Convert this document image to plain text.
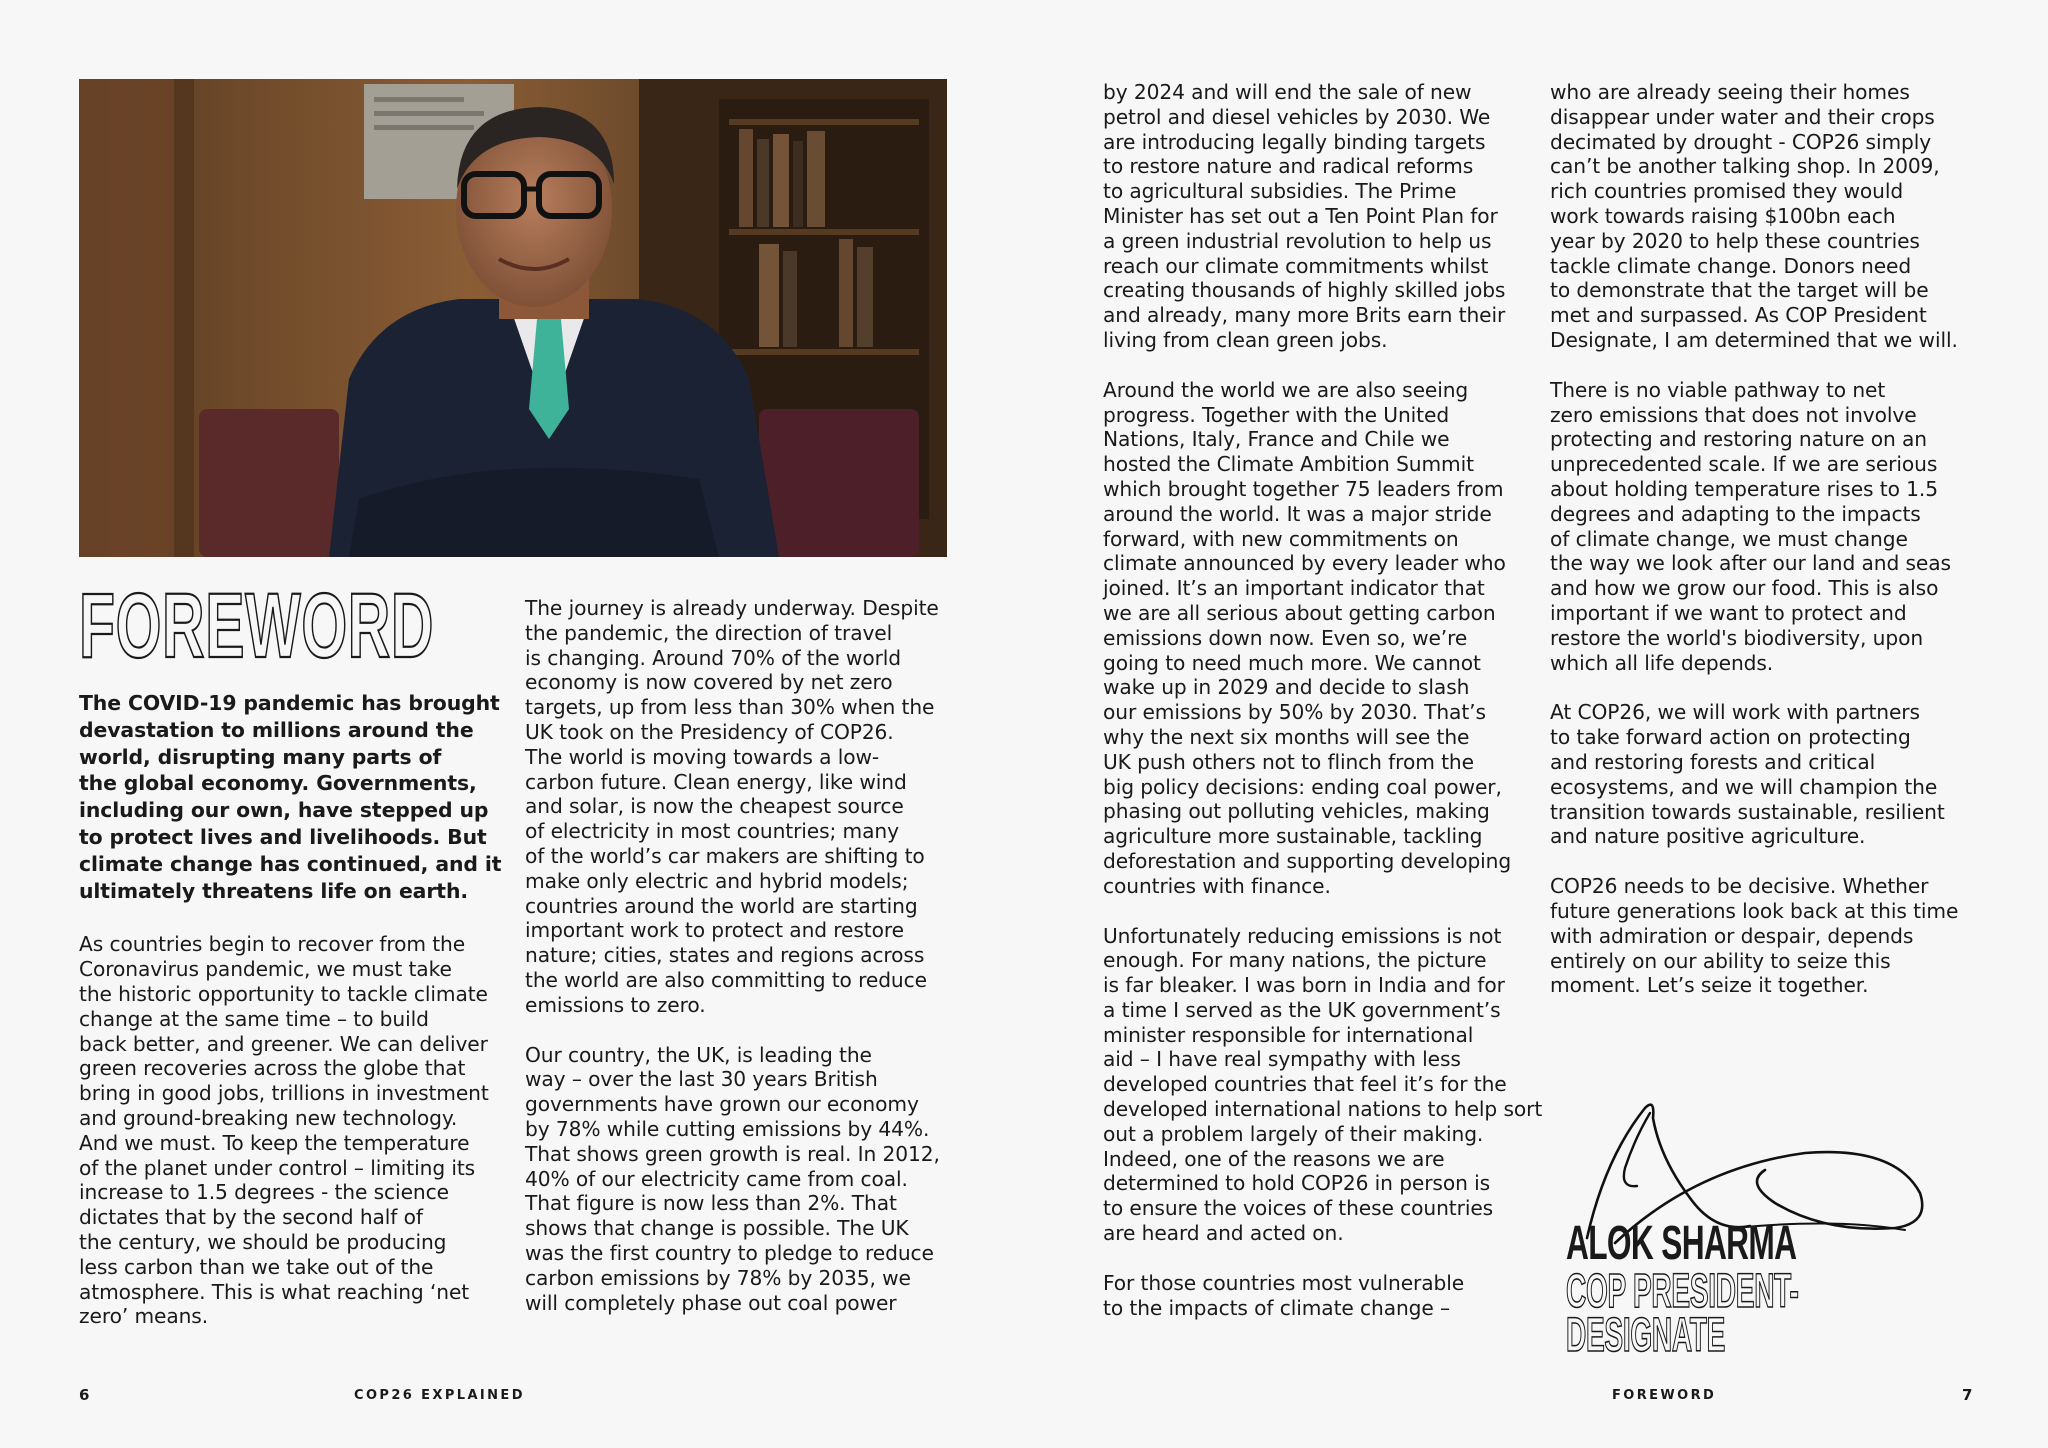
FOREWORD

The COVID-19 pandemic has brought
devastation to millions around the
world, disrupting many parts of
the global economy. Governments,
including our own, have stepped up
to protect lives and livelihoods. But
climate change has continued, and it
ultimately threatens life on earth.

As countries begin to recover from the
Coronavirus pandemic, we must take
the historic opportunity to tackle climate
change at the same time – to build
back better, and greener. We can deliver
green recoveries across the globe that
bring in good jobs, trillions in investment
and ground-breaking new technology.
And we must. To keep the temperature
of the planet under control – limiting its
increase to 1.5 degrees - the science
dictates that by the second half of
the century, we should be producing
less carbon than we take out of the
atmosphere. This is what reaching ‘net
zero’ means.

The journey is already underway. Despite
the pandemic, the direction of travel
is changing. Around 70% of the world
economy is now covered by net zero
targets, up from less than 30% when the
UK took on the Presidency of COP26.
The world is moving towards a low-
carbon future. Clean energy, like wind
and solar, is now the cheapest source
of electricity in most countries; many
of the world’s car makers are shifting to
make only electric and hybrid models;
countries around the world are starting
important work to protect and restore
nature; cities, states and regions across
the world are also committing to reduce
emissions to zero.

Our country, the UK, is leading the
way – over the last 30 years British
governments have grown our economy
by 78% while cutting emissions by 44%.
That shows green growth is real. In 2012,
40% of our electricity came from coal.
That figure is now less than 2%. That
shows that change is possible. The UK
was the first country to pledge to reduce
carbon emissions by 78% by 2035, we
will completely phase out coal power

6	COP26 EXPLAINED

by 2024 and will end the sale of new
petrol and diesel vehicles by 2030. We
are introducing legally binding targets
to restore nature and radical reforms
to agricultural subsidies. The Prime
Minister has set out a Ten Point Plan for
a green industrial revolution to help us
reach our climate commitments whilst
creating thousands of highly skilled jobs
and already, many more Brits earn their
living from clean green jobs.

Around the world we are also seeing
progress. Together with the United
Nations, Italy, France and Chile we
hosted the Climate Ambition Summit
which brought together 75 leaders from
around the world. It was a major stride
forward, with new commitments on
climate announced by every leader who
joined. It’s an important indicator that
we are all serious about getting carbon
emissions down now. Even so, we’re
going to need much more. We cannot
wake up in 2029 and decide to slash
our emissions by 50% by 2030. That’s
why the next six months will see the
UK push others not to flinch from the
big policy decisions: ending coal power,
phasing out polluting vehicles, making
agriculture more sustainable, tackling
deforestation and supporting developing
countries with finance.

Unfortunately reducing emissions is not
enough. For many nations, the picture
is far bleaker. I was born in India and for
a time I served as the UK government’s
minister responsible for international
aid – I have real sympathy with less
developed countries that feel it’s for the
developed international nations to help sort
out a problem largely of their making.
Indeed, one of the reasons we are
determined to hold COP26 in person is
to ensure the voices of these countries
are heard and acted on.

For those countries most vulnerable
to the impacts of climate change –

who are already seeing their homes
disappear under water and their crops
decimated by drought - COP26 simply
can’t be another talking shop. In 2009,
rich countries promised they would
work towards raising $100bn each
year by 2020 to help these countries
tackle climate change. Donors need
to demonstrate that the target will be
met and surpassed. As COP President
Designate, I am determined that we will.

There is no viable pathway to net
zero emissions that does not involve
protecting and restoring nature on an
unprecedented scale. If we are serious
about holding temperature rises to 1.5
degrees and adapting to the impacts
of climate change, we must change
the way we look after our land and seas
and how we grow our food. This is also
important if we want to protect and
restore the world's biodiversity, upon
which all life depends.

At COP26, we will work with partners
to take forward action on protecting
and restoring forests and critical
ecosystems, and we will champion the
transition towards sustainable, resilient
and nature positive agriculture.

COP26 needs to be decisive. Whether
future generations look back at this time
with admiration or despair, depends
entirely on our ability to seize this
moment. Let’s seize it together.

ALOK SHARMA
COP PRESIDENT-DESIGNATE
FOREWORD	7
